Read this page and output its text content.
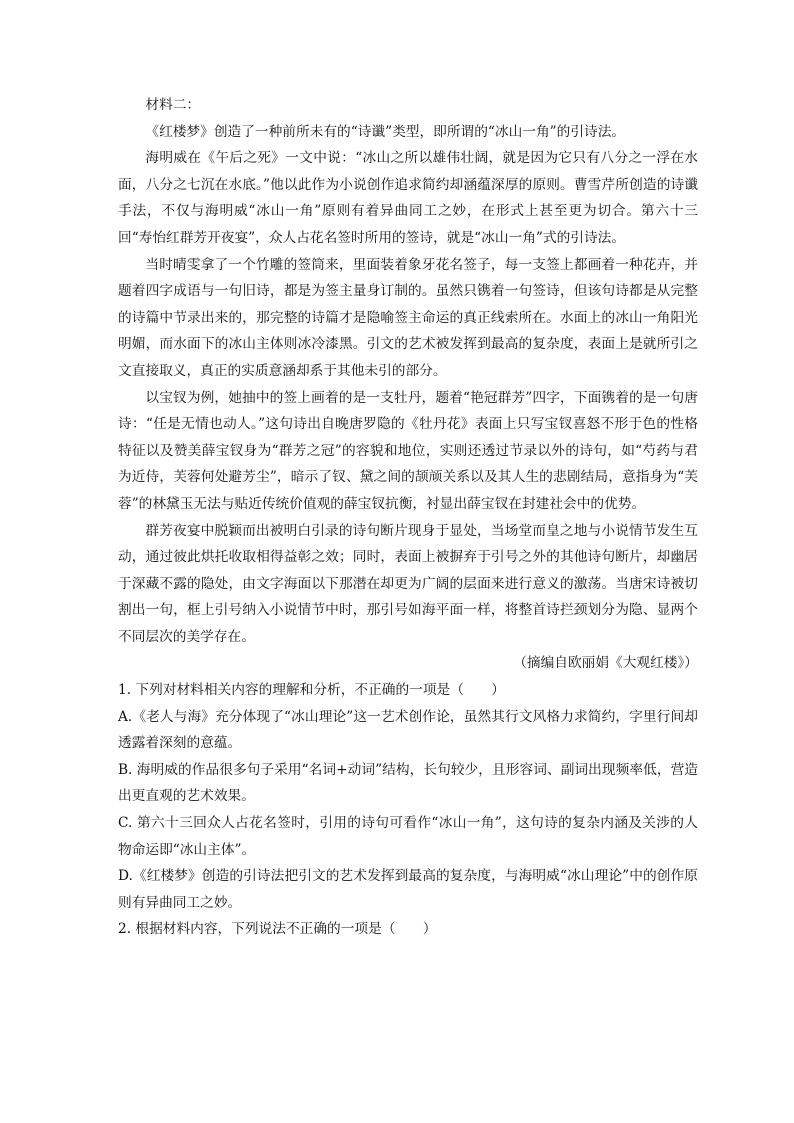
材料二：

《红楼梦》创造了一种前所未有的“诗谶”类型，即所谓的“冰山一角”的引诗法。

海明威在《午后之死》一文中说：“冰山之所以雄伟壮阔，就是因为它只有八分之一浮在水面，八分之七沉在水底。”他以此作为小说创作追求简约却涵蕴深厚的原则。曹雪芹所创造的诗谶手法，不仅与海明威“冰山一角”原则有着异曲同工之妙，在形式上甚至更为切合。第六十三回“寿怡红群芳开夜宴”，众人占花名签时所用的签诗，就是“冰山一角”式的引诗法。

当时晴雯拿了一个竹雕的签筒来，里面装着象牙花名签子，每一支签上都画着一种花卉，并题着四字成语与一句旧诗，都是为签主量身订制的。虽然只镌着一句签诗，但该句诗都是从完整的诗篇中节录出来的，那完整的诗篇才是隐喻签主命运的真正线索所在。水面上的冰山一角阳光明媚，而水面下的冰山主体则冰冷漆黑。引文的艺术被发挥到最高的复杂度，表面上是就所引之文直接取义，真正的实质意涵却系于其他未引的部分。

以宝钗为例，她抽中的签上画着的是一支牡丹，题着“艳冠群芳”四字，下面镌着的是一句唐诗：“任是无情也动人。”这句诗出自晚唐罗隐的《牡丹花》表面上只写宝钗喜怒不形于色的性格特征以及赞美薛宝钗身为“群芳之冠”的容貌和地位，实则还透过节录以外的诗句，如“芍药与君为近侍，芙蓉何处避芳尘”，暗示了钗、黛之间的颉颃关系以及其人生的悲剧结局，意指身为“芙蓉”的林黛玉无法与贴近传统价值观的薛宝钗抗衡，衬显出薛宝钗在封建社会中的优势。

群芳夜宴中脱颖而出被明白引录的诗句断片现身于显处，当场堂而皇之地与小说情节发生互动，通过彼此烘托收取相得益彰之效；同时，表面上被摒弃于引号之外的其他诗句断片，却幽居于深藏不露的隐处，由文字海面以下那潜在却更为广阔的层面来进行意义的激荡。当唐宋诗被切割出一句，框上引号纳入小说情节中时，那引号如海平面一样，将整首诗拦颈划分为隐、显两个不同层次的美学存在。

（摘编自欧丽娟《大观红楼》）

1. 下列对材料相关内容的理解和分析，不正确的一项是（　　）

A.《老人与海》充分体现了“冰山理论”这一艺术创作论，虽然其行文风格力求简约，字里行间却透露着深刻的意蕴。

B. 海明威的作品很多句子采用“名词+动词”结构，长句较少，且形容词、副词出现频率低，营造出更直观的艺术效果。

C. 第六十三回众人占花名签时，引用的诗句可看作“冰山一角”，这句诗的复杂内涵及关涉的人物命运即“冰山主体”。

D.《红楼梦》创造的引诗法把引文的艺术发挥到最高的复杂度，与海明威“冰山理论”中的创作原则有异曲同工之妙。

2. 根据材料内容，下列说法不正确的一项是（　　）
